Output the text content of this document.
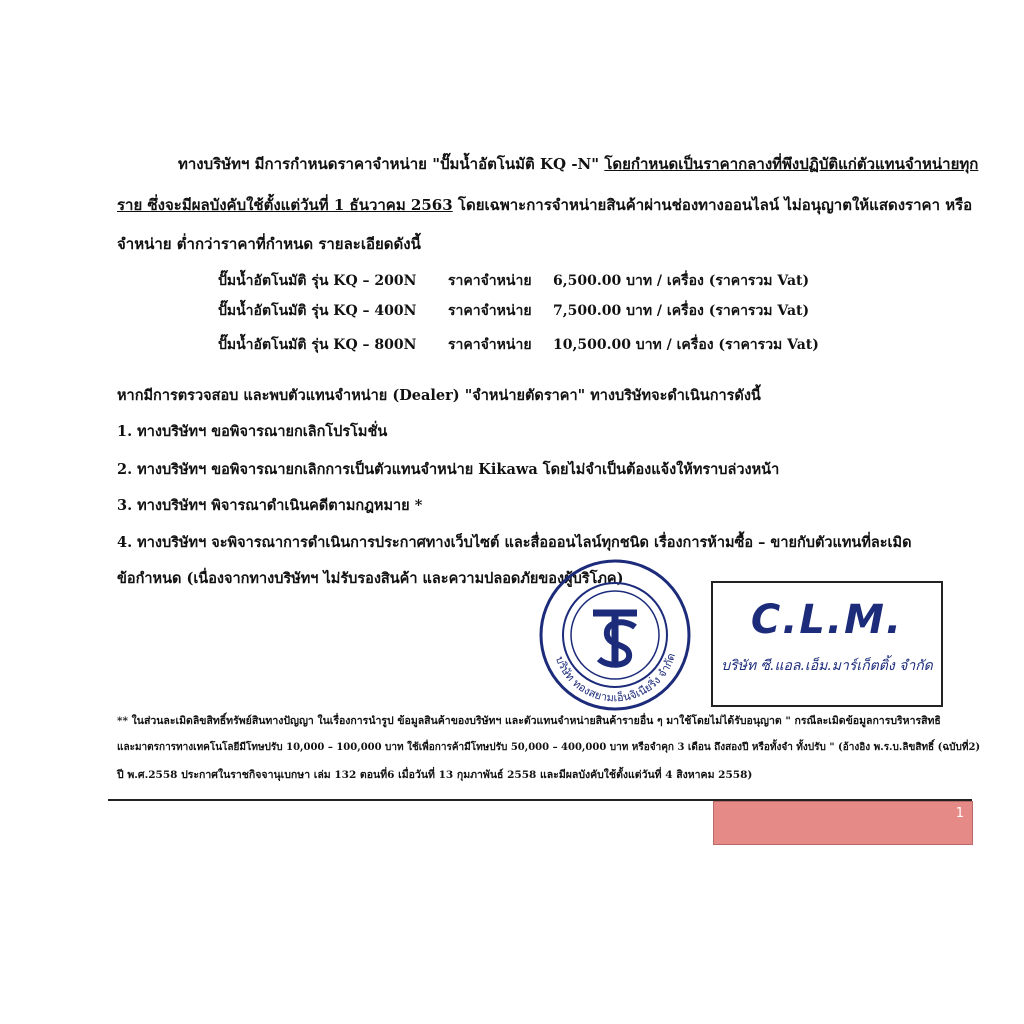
ทางบริษัทฯ มีการกำหนดราคาจำหน่าย "ปั๊มน้ำอัตโนมัติ KQ -N" โดยกำหนดเป็นราคากลางที่พึงปฏิบัติแก่ตัวแทนจำหน่ายทุก
ราย ซึ่งจะมีผลบังคับใช้ตั้งแต่วันที่ 1 ธันวาคม 2563 โดยเฉพาะการจำหน่ายสินค้าผ่านช่องทางออนไลน์ ไม่อนุญาตให้แสดงราคา หรือ
จำหน่าย ต่ำกว่าราคาที่กำหนด รายละเอียดดังนี้
ปั๊มน้ำอัตโนมัติ รุ่น KQ – 200N ราคาจำหน่าย 6,500.00 บาท / เครื่อง (ราคารวม Vat)
ปั๊มน้ำอัตโนมัติ รุ่น KQ – 400N ราคาจำหน่าย 7,500.00 บาท / เครื่อง (ราคารวม Vat)
ปั๊มน้ำอัตโนมัติ รุ่น KQ – 800N ราคาจำหน่าย 10,500.00 บาท / เครื่อง (ราคารวม Vat)
หากมีการตรวจสอบ และพบตัวแทนจำหน่าย (Dealer) "จำหน่ายตัดราคา" ทางบริษัทจะดำเนินการดังนี้
1. ทางบริษัทฯ ขอพิจารณายกเลิกโปรโมชั่น
2. ทางบริษัทฯ ขอพิจารณายกเลิกการเป็นตัวแทนจำหน่าย Kikawa โดยไม่จำเป็นต้องแจ้งให้ทราบล่วงหน้า
3. ทางบริษัทฯ พิจารณาดำเนินคดีตามกฎหมาย *
4. ทางบริษัทฯ จะพิจารณาการดำเนินการประกาศทางเว็บไซต์ และสื่อออนไลน์ทุกชนิด เรื่องการห้ามซื้อ – ขายกับตัวแทนที่ละเมิด
ข้อกำหนด (เนื่องจากทางบริษัทฯ ไม่รับรองสินค้า และความปลอดภัยของผู้บริโภค)
บริษัท ทองสยามเอ็นจิเนียริ่ง จำกัด
C.L.M.
บริษัท ซี.แอล.เอ็ม.มาร์เก็ตติ้ง จำกัด
** ในส่วนละเมิดลิขสิทธิ์ทรัพย์สินทางปัญญา ในเรื่องการนำรูป ข้อมูลสินค้าของบริษัทฯ และตัวแทนจำหน่ายสินค้ารายอื่น ๆ มาใช้โดยไม่ได้รับอนุญาต " กรณีละเมิดข้อมูลการบริหารสิทธิ
และมาตรการทางเทคโนโลยีมีโทษปรับ 10,000 – 100,000 บาท ใช้เพื่อการค้ามีโทษปรับ 50,000 – 400,000 บาท หรือจำคุก 3 เดือน ถึงสองปี หรือทั้งจำ ทั้งปรับ " (อ้างอิง พ.ร.บ.ลิขสิทธิ์ (ฉบับที่2)
ปี พ.ศ.2558 ประกาศในราชกิจจานุเบกษา เล่ม 132 ตอนที่6 เมื่อวันที่ 13 กุมภาพันธ์ 2558 และมีผลบังคับใช้ตั้งแต่วันที่ 4 สิงหาคม 2558)
1
